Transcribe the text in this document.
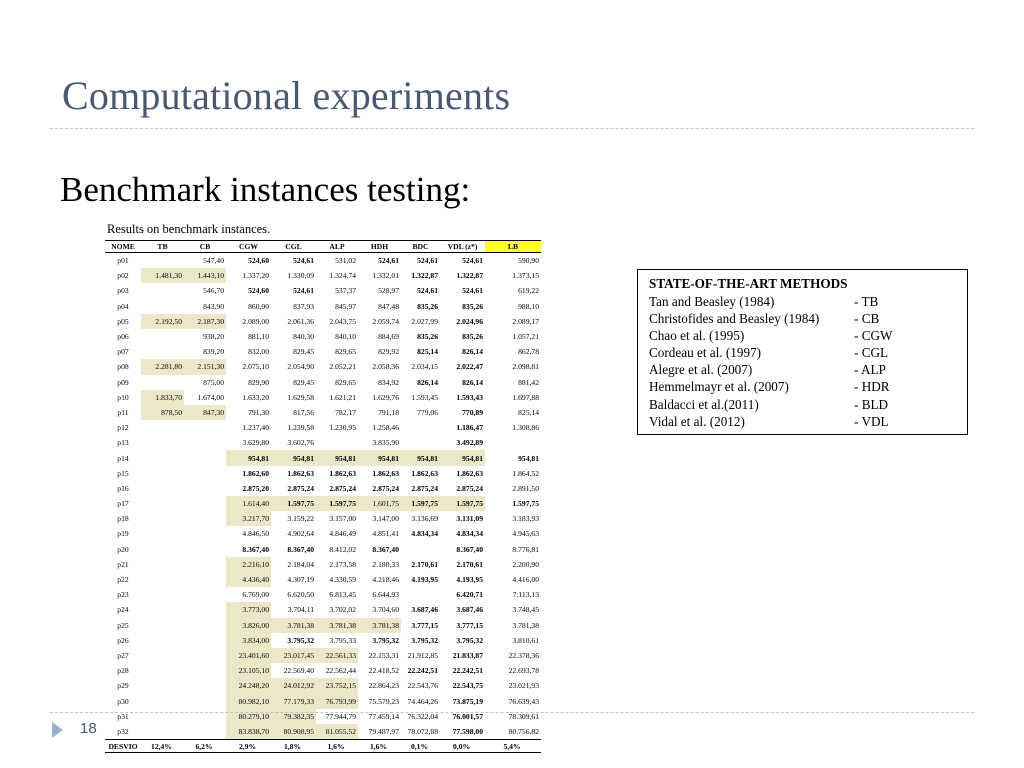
Computational experiments
Benchmark instances testing:
Results on benchmark instances.
NOME	TB	CB	CGW	CGL	ALP	HDH	BDC	VDL (z*)	LB
p01		547,40	524,60	524,61	531,02	524,61	524,61	524,61	590,90
p02	1.481,30	1.443,10	1.337,20	1.330,09	1.324,74	1.332,01	1.322,87	1.322,87	1.373,15
p03		546,70	524,60	524,61	537,37	528,97	524,61	524,61	619,22
p04		843,90	860,90	837,93	845,97	847,48	835,26	835,26	988,10
p05	2.192,50	2.187,30	2.089,00	2.061,36	2.043,75	2.059,74	2.027,99	2.024,96	2.089,17
p06		938,20	881,10	840,30	840,10	884,69	835,26	835,26	1.057,21
p07		839,20	832,00	829,45	829,65	829,92	825,14	826,14	862,78
p08	2.281,80	2.151,30	2.075,10	2.054,90	2.052,21	2.058,36	2.034,15	2.022,47	2.098,81
p09		875,00	829,90	829,45	829,65	834,92	826,14	826,14	881,42
p10	1.833,70	1.674,00	1.633,20	1.629,58	1.621,21	1.629,76	1.593,45	1.593,43	1.697,88
p11	878,50	847,30	791,30	817,56	782,17	791,18	779,06	770,89	825,14
p12			1.237,40	1.239,58	1.230,95	1.258,46		1.186,47	1.308,86
p13			3.629,80	3.602,76		3.835,90		3.492,89	
p14			954,81	954,81	954,81	954,81	954,81	954,81	954,81
p15			1.862,60	1.862,63	1.862,63	1.862,63	1.862,63	1.862,63	1.864,52
p16			2.875,20	2.875,24	2.875,24	2.875,24	2.875,24	2.875,24	2.891,50
p17			1.614,40	1.597,75	1.597,75	1.601,75	1.597,75	1.597,75	1.597,75
p18			3.217,70	3.159,22	3.157,00	3.147,00	3.136,69	3.131,09	3.183,93
p19			4.846,50	4.902,64	4.846,49	4.851,41	4.834,34	4.834,34	4.945,63
p20			8.367,40	8.367,40	8.412,02	8.367,40		8.367,40	8.776,81
p21			2.216,10	2.184,04	2.173,58	2.180,33	2.170,61	2.170,61	2.200,90
p22			4.436,40	4.307,19	4.330,59	4.218,46	4.193,95	4.193,95	4.416,00
p23			6.769,00	6.620,50	6.813,45	6.644,93		6.420,71	7.113,13
p24			3.773,00	3.704,11	3.702,02	3.704,60	3.687,46	3.687,46	3.748,45
p25			3.826,00	3.781,38	3.781,38	3.781,38	3.777,15	3.777,15	3.781,38
p26			3.834,00	3.795,32	3.795,33	3.795,32	3.795,32	3.795,32	3.810,61
p27			23.401,60	23.017,45	22.561,33	22.153,31	21.912,85	21.833,87	22.378,36
p28			23.105,10	22.569,40	22.562,44	22.418,52	22.242,51	22.242,51	22.693,78
p29			24.248,20	24.012,92	23.752,15	22.864,23	22.543,76	22.543,75	23.021,93
p30			80.982,10	77.179,33	76.793,99	75.579,23	74.464,26	73.875,19	76.639,43
p31			80.279,10	79.382,35	77.944,79	77.459,14	76.322,04	76.001,57	78.309,61
p32			83.838,70	80.908,95	81.055,52	79.487,97	78.072,88	77.598,00	80.756,82
DESVIO	12,4%	6,2%	2,9%	1,8%	1,6%	1,6%	0,1%	0,0%	5,4%
STATE-OF-THE-ART METHODS
Tan and Beasley (1984)	- TB
Christofides and Beasley (1984)	- CB
Chao et al. (1995)	- CGW
Cordeau et al. (1997)	- CGL
Alegre et al. (2007)	- ALP
Hemmelmayr et al. (2007)	- HDR
Baldacci et al.(2011)	- BLD
Vidal et al. (2012)	- VDL
18
